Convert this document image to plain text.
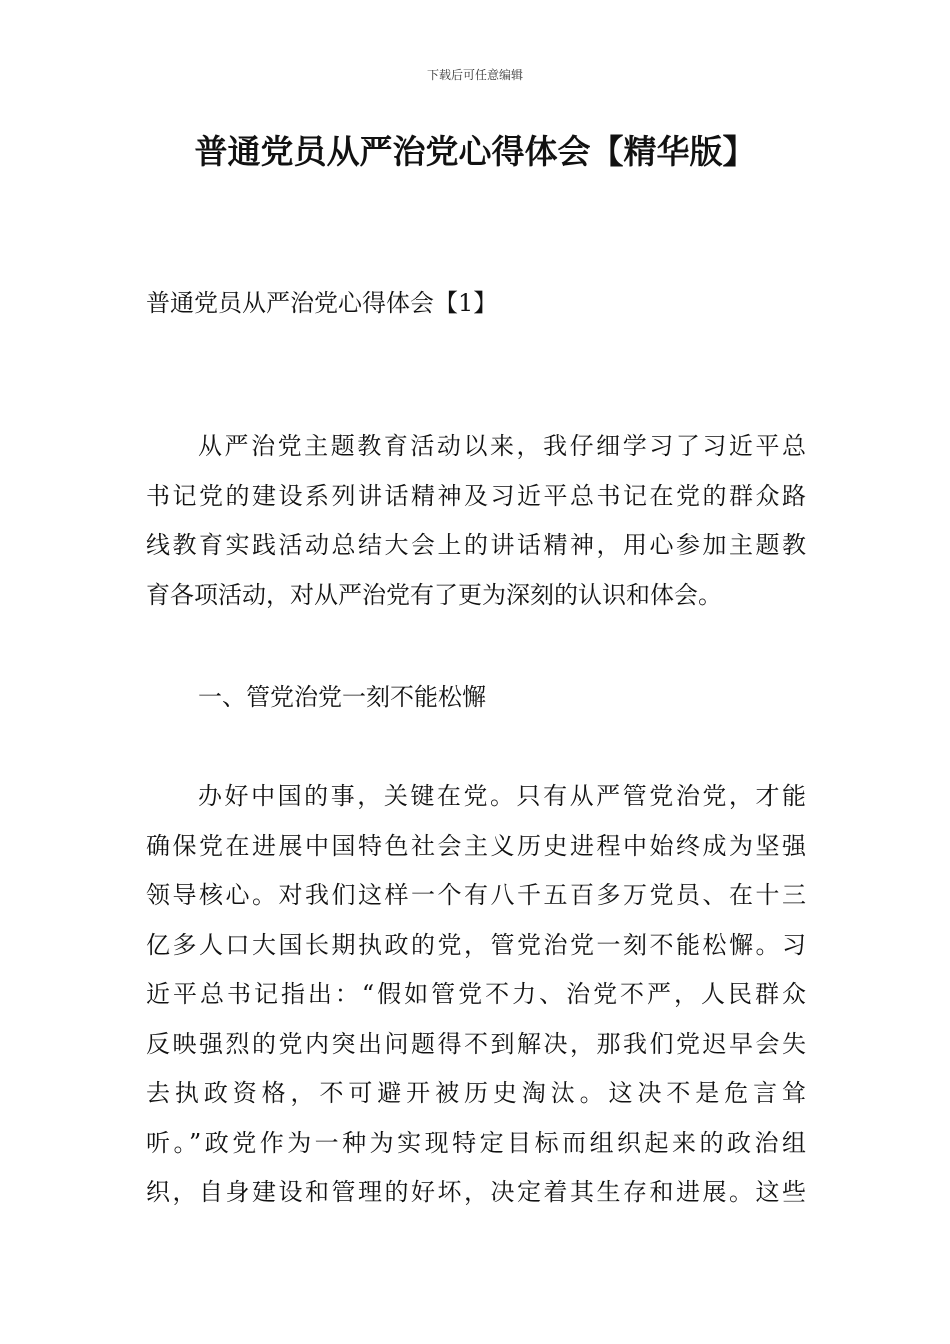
下载后可任意编辑
普通党员从严治党心得体会【精华版】
普通党员从严治党心得体会【1】
从严治党主题教育活动以来，我仔细学习了习近平总
书记党的建设系列讲话精神及习近平总书记在党的群众路
线教育实践活动总结大会上的讲话精神，用心参加主题教
育各项活动，对从严治党有了更为深刻的认识和体会。
一、管党治党一刻不能松懈
办好中国的事，关键在党。只有从严管党治党，才能
确保党在进展中国特色社会主义历史进程中始终成为坚强
领导核心。对我们这样一个有八千五百多万党员、在十三
亿多人口大国长期执政的党，管党治党一刻不能松懈。习
近平总书记指出：“假如管党不力、治党不严，人民群众
反映强烈的党内突出问题得不到解决，那我们党迟早会失
去执政资格，不可避开被历史淘汰。这决不是危言耸
听。”政党作为一种为实现特定目标而组织起来的政治组
织，自身建设和管理的好坏，决定着其生存和进展。这些
